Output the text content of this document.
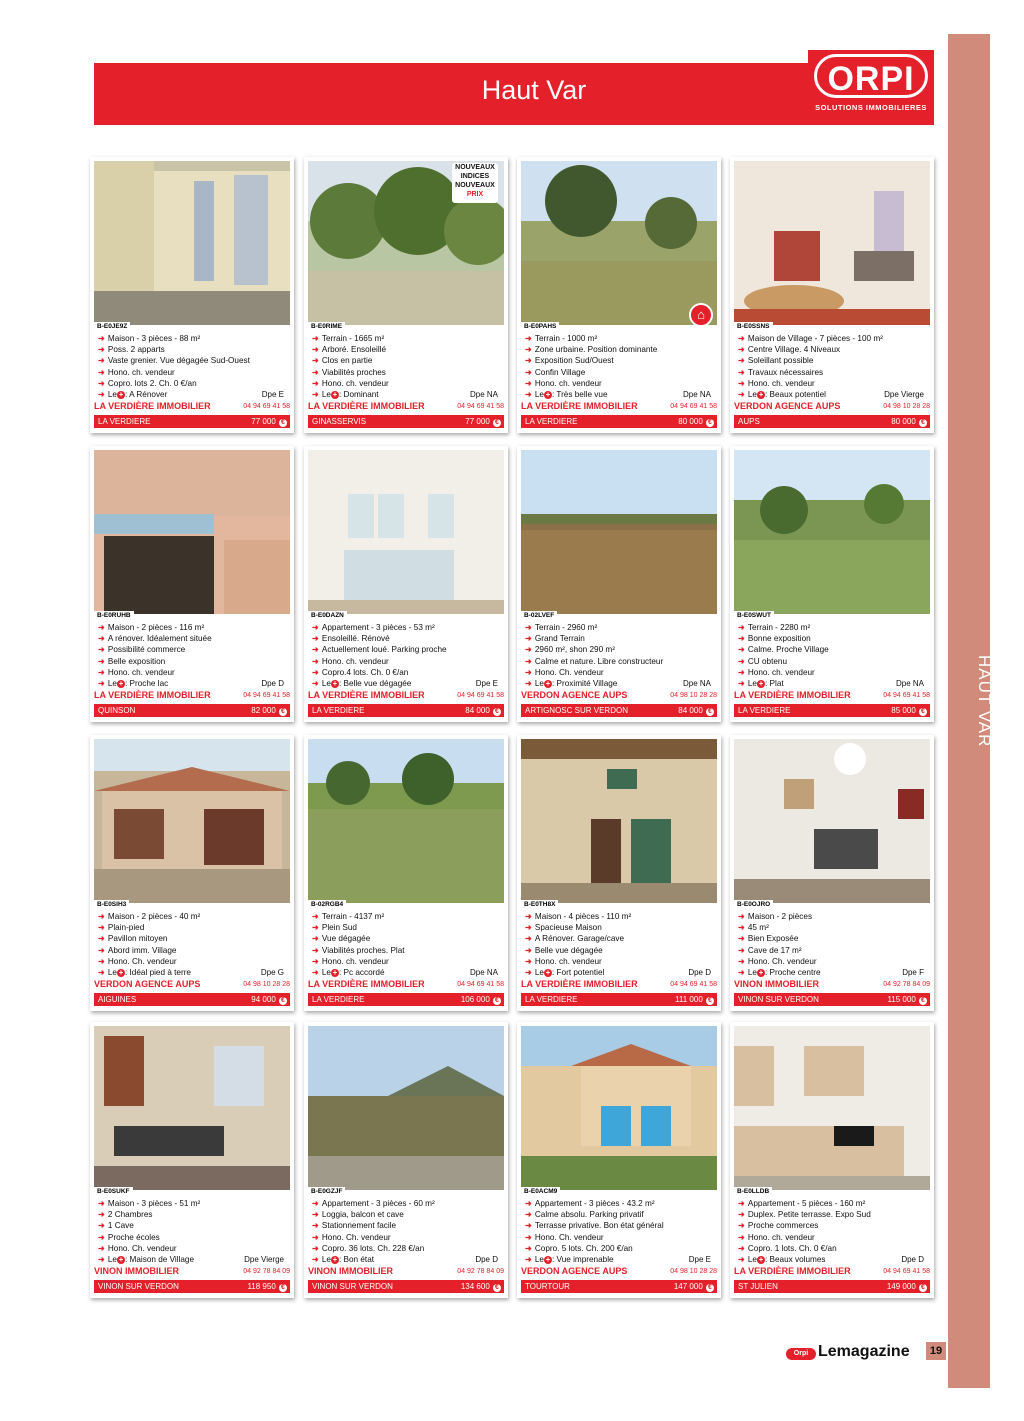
HAUT VAR
Haut Var	ORPI
SOLUTIONS IMMOBILIERES
B-E0JE9Z
➜ Maison - 3 pièces - 88 m²
➜ Poss. 2 apparts
➜ Vaste grenier. Vue dégagée Sud-Ouest
➜ Hono. ch. vendeur
➜ Copro. lots 2. Ch. 0 €/an
➜ Le + : A Rénover	Dpe E
LA VERDIÈRE IMMOBILIER	04 94 69 41 58
LA VERDIERE	77 000 €
NOUVEAUX
INDICES
NOUVEAUX
PRIX
B-E0RIME
➜ Terrain - 1665 m²
➜ Arboré. Ensoleillé
➜ Clos en partie
➜ Viabilités proches
➜ Hono. ch. vendeur
➜ Le + : Dominant	Dpe NA
LA VERDIÈRE IMMOBILIER	04 94 69 41 58
GINASSERVIS	77 000 €
⌂
B-E0PAHS
➜ Terrain - 1000 m²
➜ Zone urbaine. Position dominante
➜ Exposition Sud/Ouest
➜ Confin Village
➜ Hono. ch. vendeur
➜ Le + : Très belle vue	Dpe NA
LA VERDIÈRE IMMOBILIER	04 94 69 41 58
LA VERDIERE	80 000 €
B-E0SSNS
➜ Maison de Village - 7 pièces - 100 m²
➜ Centre Village. 4 Niveaux
➜ Soleillant possible
➜ Travaux nécessaires
➜ Hono. ch. vendeur
➜ Le + : Beaux potentiel	Dpe Vierge
VERDON AGENCE AUPS	04 98 10 28 28
AUPS	80 000 €
B-E0RUHB
➜ Maison - 2 pièces - 116 m²
➜ A rénover. Idéalement située
➜ Possibilité commerce
➜ Belle exposition
➜ Hono. ch. vendeur
➜ Le + : Proche lac	Dpe D
LA VERDIÈRE IMMOBILIER	04 94 69 41 58
QUINSON	82 000 €
B-E0DAZN
➜ Appartement - 3 pièces - 53 m²
➜ Ensoleillé. Rénové
➜ Actuellement loué. Parking proche
➜ Hono. ch. vendeur
➜ Copro.4 lots. Ch. 0 €/an
➜ Le + : Belle vue dégagée	Dpe E
LA VERDIÈRE IMMOBILIER	04 94 69 41 58
LA VERDIERE	84 000 €
B-02LVEF
➜ Terrain - 2960 m²
➜ Grand Terrain
➜ 2960 m², shon 290 m²
➜ Calme et nature. Libre constructeur
➜ Hono. Ch. vendeur
➜ Le + : Proximité Village	Dpe NA
VERDON AGENCE AUPS	04 98 10 28 28
ARTIGNOSC SUR VERDON	84 000 €
B-E0SWUT
➜ Terrain - 2280 m²
➜ Bonne exposition
➜ Calme. Proche Village
➜ CU obtenu
➜ Hono. ch. vendeur
➜ Le + : Plat	Dpe NA
LA VERDIÈRE IMMOBILIER	04 94 69 41 58
LA VERDIERE	85 000 €
B-E0SIH3
➜ Maison - 2 pièces - 40 m²
➜ Plain-pied
➜ Pavillon mitoyen
➜ Abord imm. Village
➜ Hono. Ch. vendeur
➜ Le + : Idéal pied à terre	Dpe G
VERDON AGENCE AUPS	04 98 10 28 28
AIGUINES	94 000 €
B-02RGB4
➜ Terrain - 4137 m²
➜ Plein Sud
➜ Vue dégagée
➜ Viabilités proches. Plat
➜ Hono. ch. vendeur
➜ Le + : Pc accordé	Dpe NA
LA VERDIÈRE IMMOBILIER	04 94 69 41 58
LA VERDIERE	106 000 €
B-E0TH8X
➜ Maison - 4 pièces - 110 m²
➜ Spacieuse Maison
➜ A Rénover. Garage/cave
➜ Belle vue dégagée
➜ Hono. ch. vendeur
➜ Le + : Fort potentiel	Dpe D
LA VERDIÈRE IMMOBILIER	04 94 69 41 58
LA VERDIERE	111 000 €
B-E0OJRO
➜ Maison - 2 pièces
➜ 45 m²
➜ Bien Exposée
➜ Cave de 17 m²
➜ Hono. Ch. vendeur
➜ Le + : Proche centre	Dpe F
VINON IMMOBILIER	04 92 78 84 09
VINON SUR VERDON	115 000 €
B-E0SUKF
➜ Maison - 3 pièces - 51 m²
➜ 2 Chambres
➜ 1 Cave
➜ Proche écoles
➜ Hono. Ch. vendeur
➜ Le + : Maison de Village	Dpe Vierge
VINON IMMOBILIER	04 92 78 84 09
VINON SUR VERDON	118 950 €
B-E0GZJF
➜ Appartement - 3 pièces - 60 m²
➜ Loggia, balcon et cave
➜ Stationnement facile
➜ Hono. Ch. vendeur
➜ Copro. 36 lots. Ch. 228 €/an
➜ Le + : Bon état	Dpe D
VINON IMMOBILIER	04 92 78 84 09
VINON SUR VERDON	134 600 €
B-E0ACM9
➜ Appartement - 3 pièces - 43.2 m²
➜ Calme absolu. Parking privatif
➜ Terrasse privative. Bon état général
➜ Hono. Ch. vendeur
➜ Copro. 5 lots. Ch. 200 €/an
➜ Le + : Vue imprenable	Dpe E
VERDON AGENCE AUPS	04 98 10 28 28
TOURTOUR	147 000 €
B-E0LLDB
➜ Appartement - 5 pièces - 160 m²
➜ Duplex. Petite terrasse. Expo Sud
➜ Proche commerces
➜ Hono. ch. vendeur
➜ Copro. 1 lots. Ch. 0 €/an
➜ Le + : Beaux volumes	Dpe D
LA VERDIÈRE IMMOBILIER	04 94 69 41 58
ST JULIEN	149 000 €
Orpi Lemagazine	19
